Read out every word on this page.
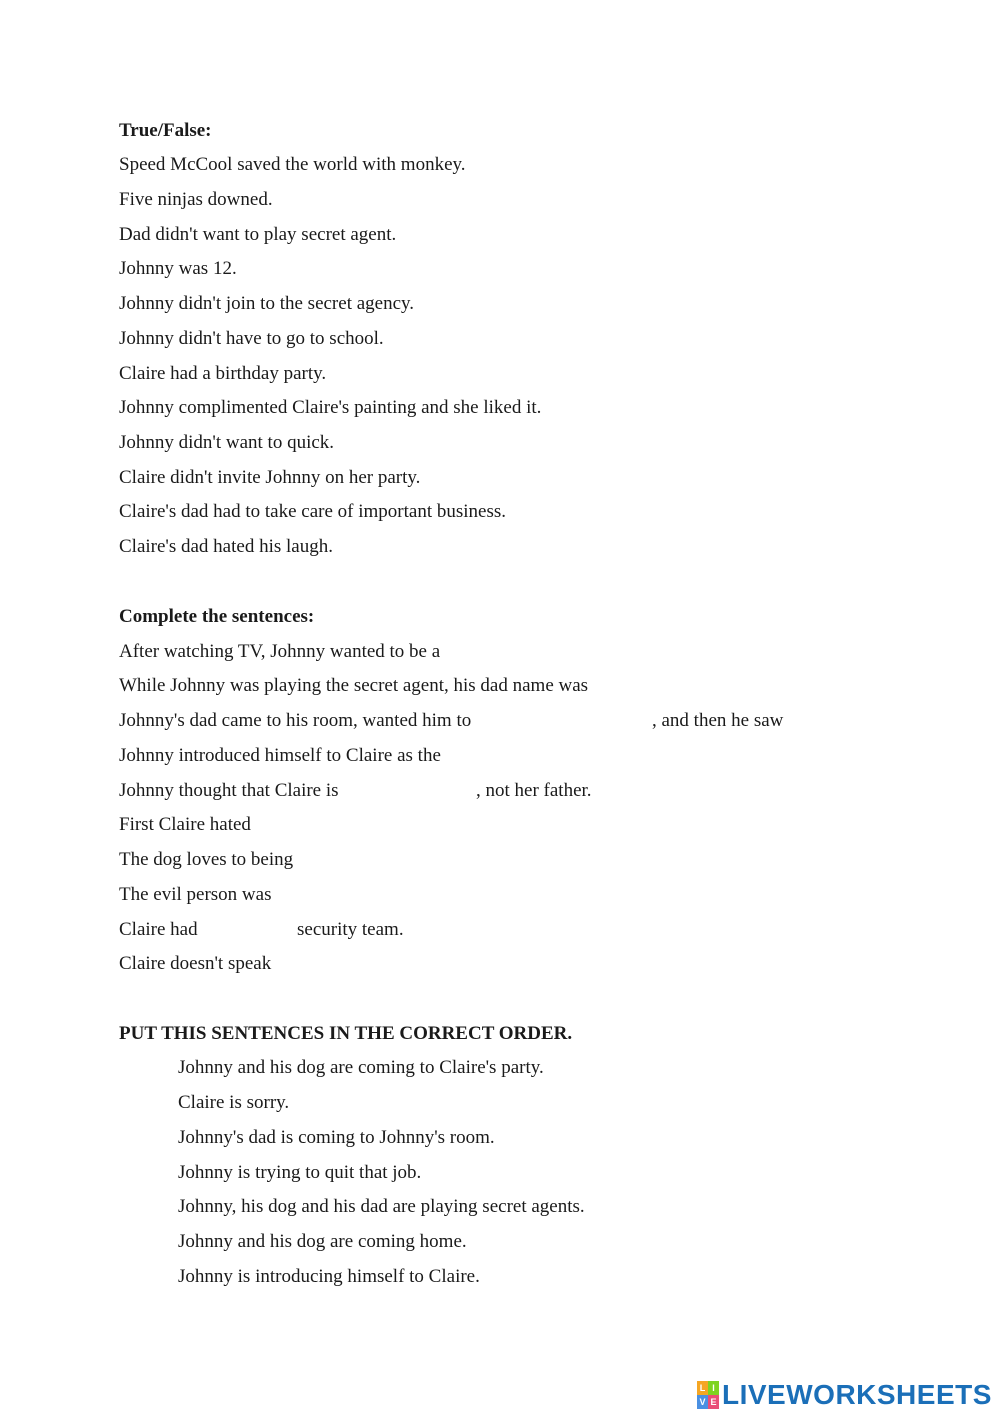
True/False:
Speed McCool saved the world with monkey.
Five ninjas downed.
Dad didn't want to play secret agent.
Johnny was 12.
Johnny didn't join to the secret agency.
Johnny didn't have to go to school.
Claire had a birthday party.
Johnny complimented Claire's painting and she liked it.
Johnny didn't want to quick.
Claire didn't invite Johnny on her party.
Claire's dad had to take care of important business.
Claire's dad hated his laugh.
Complete the sentences:
After watching TV, Johnny wanted to be a
While Johnny was playing the secret agent, his dad name was
Johnny's dad came to his room, wanted him to	, and then he saw
Johnny introduced himself to Claire as the
Johnny thought that Claire is	, not her father.
First Claire hated
The dog loves to being
The evil person was
Claire had	security team.
Claire doesn't speak
PUT THIS SENTENCES IN THE CORRECT ORDER.
Johnny and his dog are coming to Claire's party.
Claire is sorry.
Johnny's dad is coming to Johnny's room.
Johnny is trying to quit that job.
Johnny, his dog and his dad are playing secret agents.
Johnny and his dog are coming home.
Johnny is introducing himself to Claire.
L I
V E LIVEWORKSHEETS
